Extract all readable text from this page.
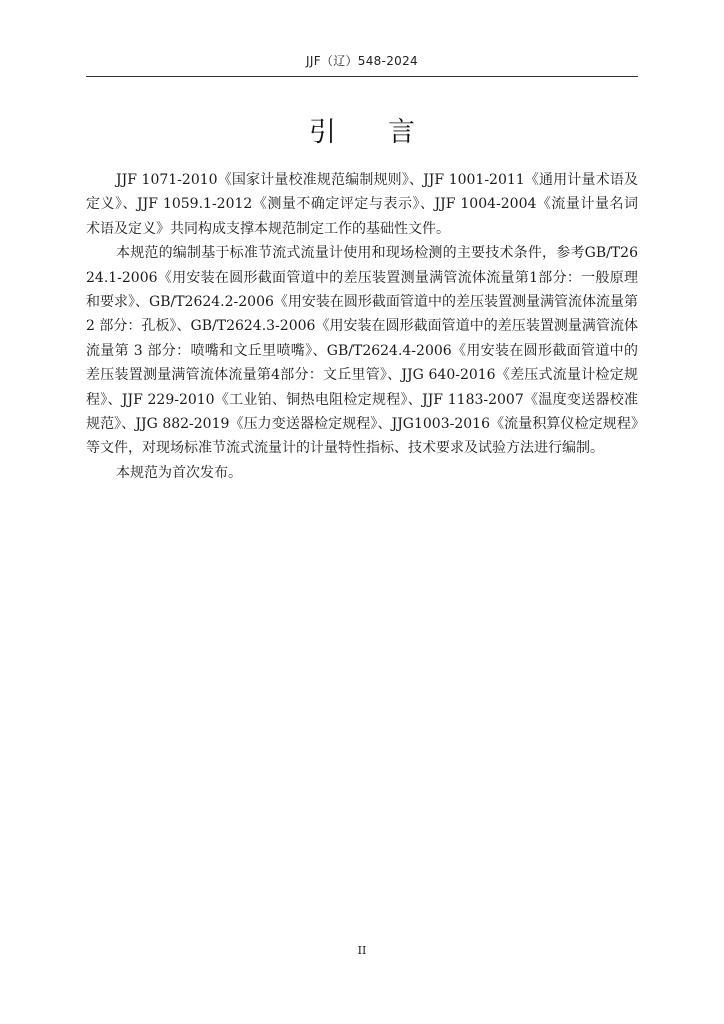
JJF（辽）548-2024
引言

JJF 1071-2010《国家计量校准规范编制规则》、JJF 1001-2011《通用计量术语及定义》、JJF 1059.1-2012《测量不确定评定与表示》、JJF 1004-2004《流量计量名词术语及定义》共同构成支撑本规范制定工作的基础性文件。

本规范的编制基于标准节流式流量计使用和现场检测的主要技术条件，参考GB/T2624.1-2006《用安装在圆形截面管道中的差压装置测量满管流体流量第1部分：一般原理和要求》、GB/T2624.2-2006《用安装在圆形截面管道中的差压装置测量满管流体流量第 2 部分：孔板》、GB/T2624.3-2006《用安装在圆形截面管道中的差压装置测量满管流体流量第 3 部分：喷嘴和文丘里喷嘴》、GB/T2624.4-2006《用安装在圆形截面管道中的差压装置测量满管流体流量第4部分：文丘里管》、JJG 640-2016《差压式流量计检定规程》、JJF 229-2010《工业铂、铜热电阻检定规程》、JJF 1183-2007《温度变送器校准规范》、JJG 882-2019《压力变送器检定规程》、JJG1003-2016《流量积算仪检定规程》等文件，对现场标准节流式流量计的计量特性指标、技术要求及试验方法进行编制。

本规范为首次发布。

II
